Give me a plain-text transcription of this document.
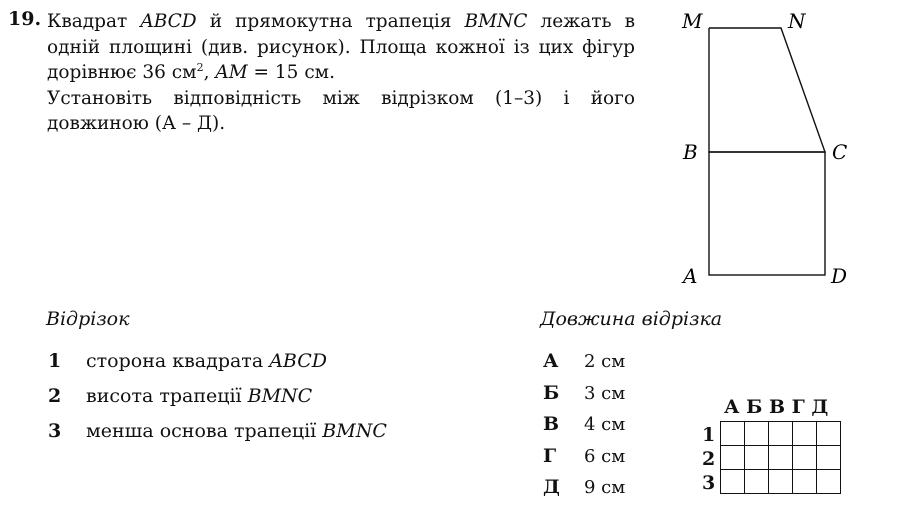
19. Квадрат ABCD й прямокутна трапеція BMNC лежать в одній площині (див. рисунок). Площа кожної із цих фігур дорівнює 36 $см^2$, AM = 15 см.

Установіть відповідність між відрізком (1–3) і його довжиною (А – Д).

M	N
B	C
A	D
Відрізок
1 сторона квадрата ABCD
2 висота трапеції BMNC
3 менша основа трапеції BMNC
Довжина відрізка
А 2 см
Б 3 см
В 4 см
Г 6 см
Д 9 см
А Б В Г Д
1
2
3
